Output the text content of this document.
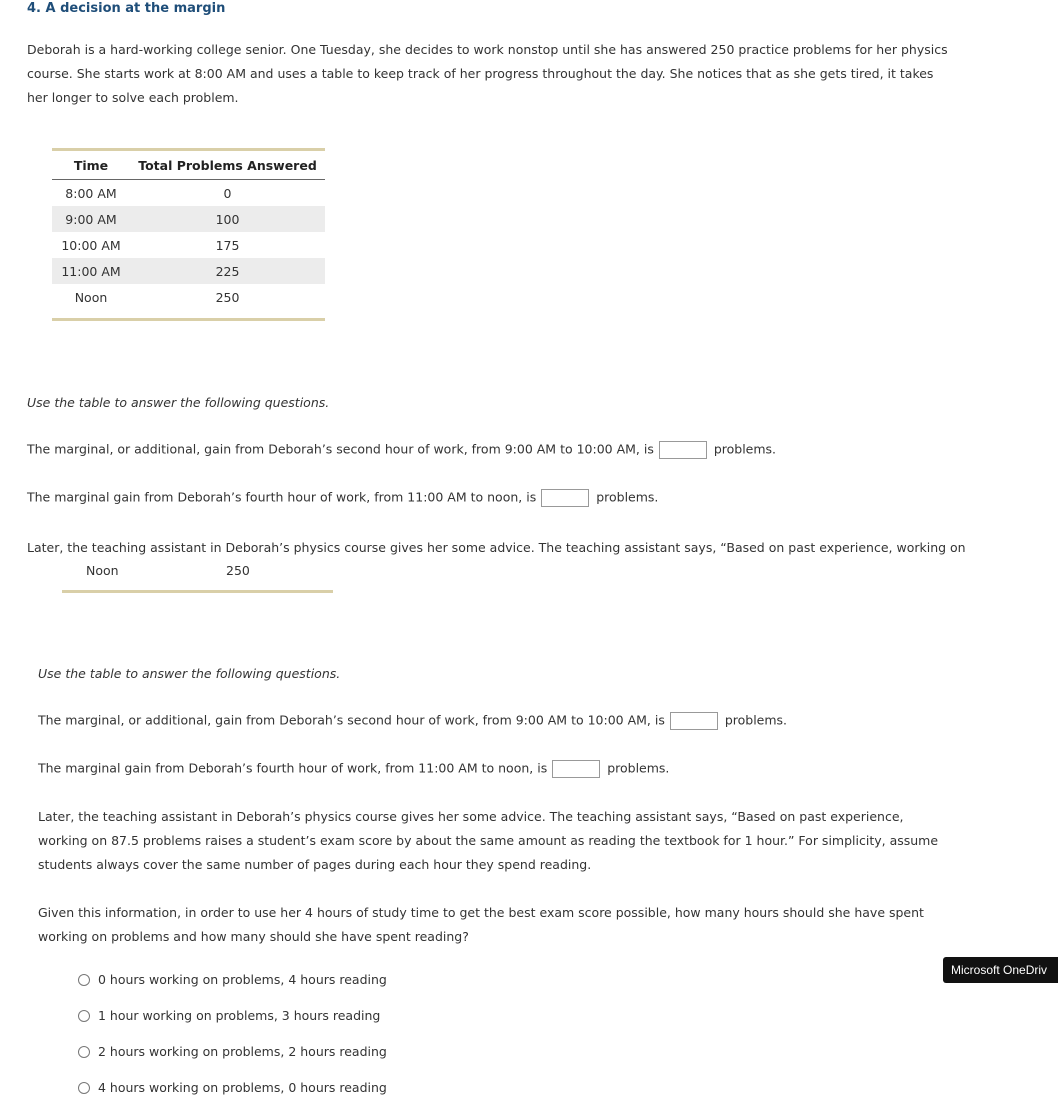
4. A decision at the margin
Deborah is a hard-working college senior. One Tuesday, she decides to work nonstop until she has answered 250 practice problems for her physics course. She starts work at 8:00 AM and uses a table to keep track of her progress throughout the day. She notices that as she gets tired, it takes her longer to solve each problem.
Time	Total Problems Answered
8:00 AM	0
9:00 AM	100
10:00 AM	175
11:00 AM	225
Noon	250
Use the table to answer the following questions.
The marginal, or additional, gain from Deborah’s second hour of work, from 9:00 AM to 10:00 AM, is	problems.
The marginal gain from Deborah’s fourth hour of work, from 11:00 AM to noon, is	problems.
Later, the teaching assistant in Deborah’s physics course gives her some advice. The teaching assistant says, “Based on past experience, working on
Noon	250
Use the table to answer the following questions.
The marginal, or additional, gain from Deborah’s second hour of work, from 9:00 AM to 10:00 AM, is	problems.
The marginal gain from Deborah’s fourth hour of work, from 11:00 AM to noon, is	problems.
Later, the teaching assistant in Deborah’s physics course gives her some advice. The teaching assistant says, “Based on past experience, working on 87.5 problems raises a student’s exam score by about the same amount as reading the textbook for 1 hour.” For simplicity, assume students always cover the same number of pages during each hour they spend reading.
Given this information, in order to use her 4 hours of study time to get the best exam score possible, how many hours should she have spent working on problems and how many should she have spent reading?
0 hours working on problems, 4 hours reading
1 hour working on problems, 3 hours reading
2 hours working on problems, 2 hours reading
4 hours working on problems, 0 hours reading
Microsoft OneDriv
